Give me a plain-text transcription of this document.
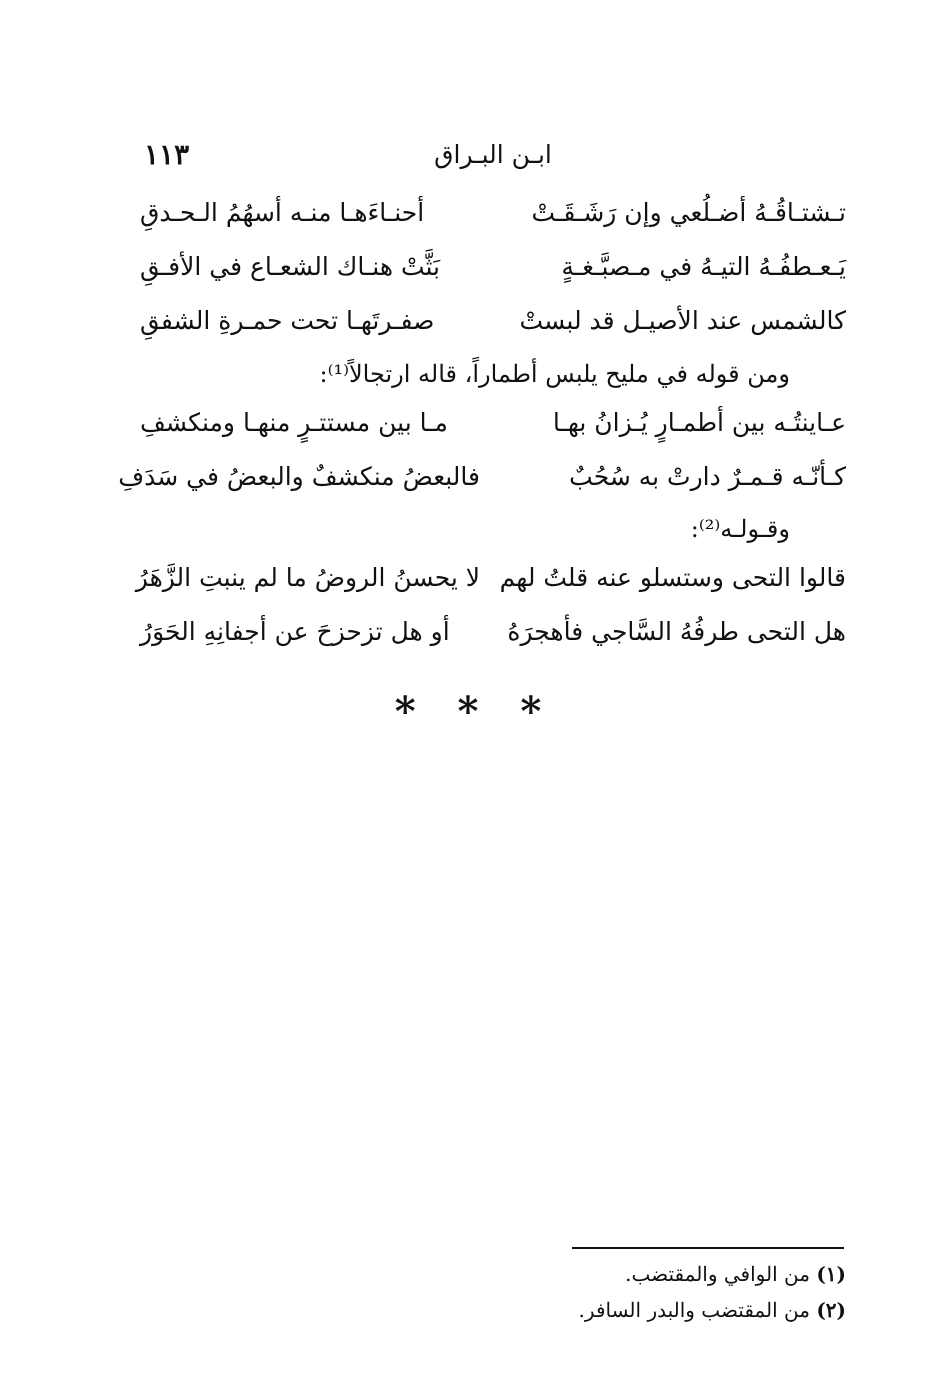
١١٣	ابـن البـراق
تـشتـاقُـهُ أضـلُعي وإن رَشَـقَـتْ
أحنـاءَهـا منـه أسهُمُ الـحـدقِ
يَـعـطفُـهُ التيـهُ في مـصبَّـغـةٍ
بَثَّتْ هنـاك الشعـاع في الأفـقِ
كالشمس عند الأصيـل قد لبستْ
صفـرتَهـا تحت حمـرةِ الشفقِ
ومن قوله في مليح يلبس أطماراً، قاله ارتجالاً⁽¹⁾:
عـاينتُـه بين أطمـارٍ يُـزانُ بهـا
مـا بين مستتـرٍ منهـا ومنكشفِ
كـأنّـه قـمـرٌ دارتْ به سُحُبٌ
فالبعضُ منكشفٌ والبعضُ في سَدَفِ
وقـولـه⁽²⁾:
قالوا التحى وستسلو عنه قلتُ لهم
لا يحسنُ الروضُ ما لم ينبتِ الزَّهَرُ
هل التحى طرفُهُ السَّاجي فأهجرَهُ
أو هل تزحزحَ عن أجفانِهِ الحَوَرُ
* * *
(١) من الوافي والمقتضب.
(٢) من المقتضب والبدر السافر.
